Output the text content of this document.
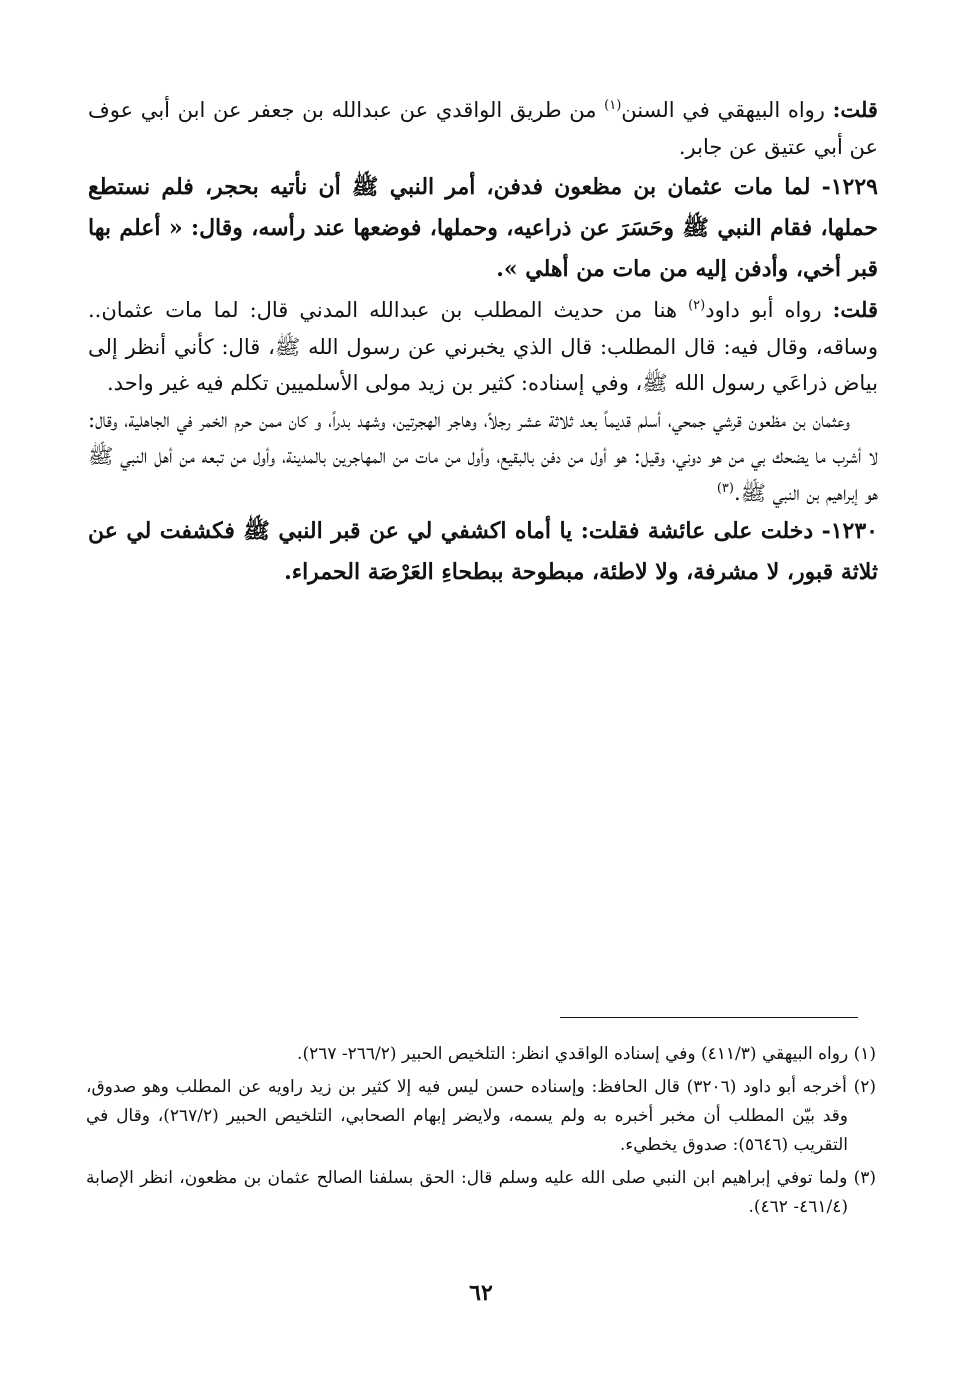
قلت: رواه البيهقي في السنن$^{(١)}$ من طريق الواقدي عن عبدالله بن جعفر عن ابن أبي عوف عن أبي عتيق عن جابر.

١٢٢٩- لما مات عثمان بن مظعون فدفن، أمر النبي ﷺ أن نأتيه بحجر، فلم نستطع حملها، فقام النبي ﷺ وحَسَرَ عن ذراعيه، وحملها، فوضعها عند رأسه، وقال: « أعلم بها قبر أخي، وأدفن إليه من مات من أهلي ».

قلت: رواه أبو داود$^{(٢)}$ هنا من حديث المطلب بن عبدالله المدني قال: لما مات عثمان.. وساقه، وقال فيه: قال المطلب: قال الذي يخبرني عن رسول الله ﷺ، قال: كأني أنظر إلى بياض ذراعَي رسول الله ﷺ، وفي إسناده: كثير بن زيد مولى الأسلميين تكلم فيه غير واحد.

وعثمان بن مظعون قرشي جمحي، أسلم قديماً بعد ثلاثة عشر رجلاً، وهاجر الهجرتين، وشهد بدراً، و كان ممن حرم الخمر في الجاهلية، وقال: لا أشرب ما يضحك بي من هو دوني، وقيل: هو أول من دفن بالبقيع، وأول من مات من المهاجرين بالمدينة، وأول من تبعه من أهل النبي ﷺ هو إبراهيم بن النبي ﷺ.$^{(٣)}$

١٢٣٠- دخلت على عائشة فقلت: يا أماه اكشفي لي عن قبر النبي ﷺ فكشفت لي عن ثلاثة قبور، لا مشرفة، ولا لاطئة، مبطوحة ببطحاءِ العَرْصَة الحمراء.

(١) رواه البيهقي (٤١١/٣) وفي إسناده الواقدي انظر: التلخيص الحبير (٢٦٦/٢- ٢٦٧).

(٢) أخرجه أبو داود (٣٢٠٦) قال الحافظ: وإسناده حسن ليس فيه إلا كثير بن زيد راويه عن المطلب وهو صدوق، وقد بيّن المطلب أن مخبر أخبره به ولم يسمه، ولايضر إبهام الصحابي، التلخيص الحبير (٢٦٧/٢)، وقال في التقريب (٥٦٤٦): صدوق يخطيء.

(٣) ولما توفي إبراهيم ابن النبي صلى الله عليه وسلم قال: الحق بسلفنا الصالح عثمان بن مظعون، انظر الإصابة (٤٦١/٤- ٤٦٢).

٦٢
